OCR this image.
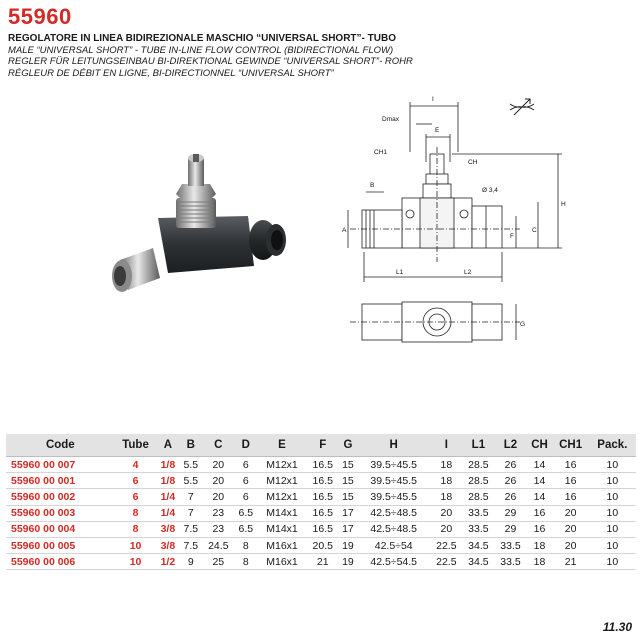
55960
REGOLATORE IN LINEA BIDIREZIONALE MASCHIO “UNIVERSAL SHORT”- TUBO
MALE “UNIVERSAL SHORT” - TUBE IN-LINE FLOW CONTROL (BIDIRECTIONAL FLOW)
REGLER FÜR LEITUNGSEINBAU BI-DIREKTIONAL GEWINDE “UNIVERSAL SHORT”- ROHR
RÉGLEUR DE DÉBIT EN LIGNE, BI-DIRECTIONNEL “UNIVERSAL SHORT”
I
Dmax
E
CH1
CH
B
Ø 3,4
H
A
F
C
L1	L2
G
Code	Tube	A	B	C	D	E	F	G	H	I	L1	L2	CH	CH1	Pack.
55960 00 007	4	1/8	5.5	20	6	M12x1	16.5	15	39.5÷45.5	18	28.5	26	14	16	10
55960 00 001	6	1/8	5.5	20	6	M12x1	16.5	15	39.5÷45.5	18	28.5	26	14	16	10
55960 00 002	6	1/4	7	20	6	M12x1	16.5	15	39.5÷45.5	18	28.5	26	14	16	10
55960 00 003	8	1/4	7	23	6.5	M14x1	16.5	17	42.5÷48.5	20	33.5	29	16	20	10
55960 00 004	8	3/8	7.5	23	6.5	M14x1	16.5	17	42.5÷48.5	20	33.5	29	16	20	10
55960 00 005	10	3/8	7.5	24.5	8	M16x1	20.5	19	42.5÷54	22.5	34.5	33.5	18	20	10
55960 00 006	10	1/2	9	25	8	M16x1	21	19	42.5÷54.5	22.5	34.5	33.5	18	21	10
11.30
